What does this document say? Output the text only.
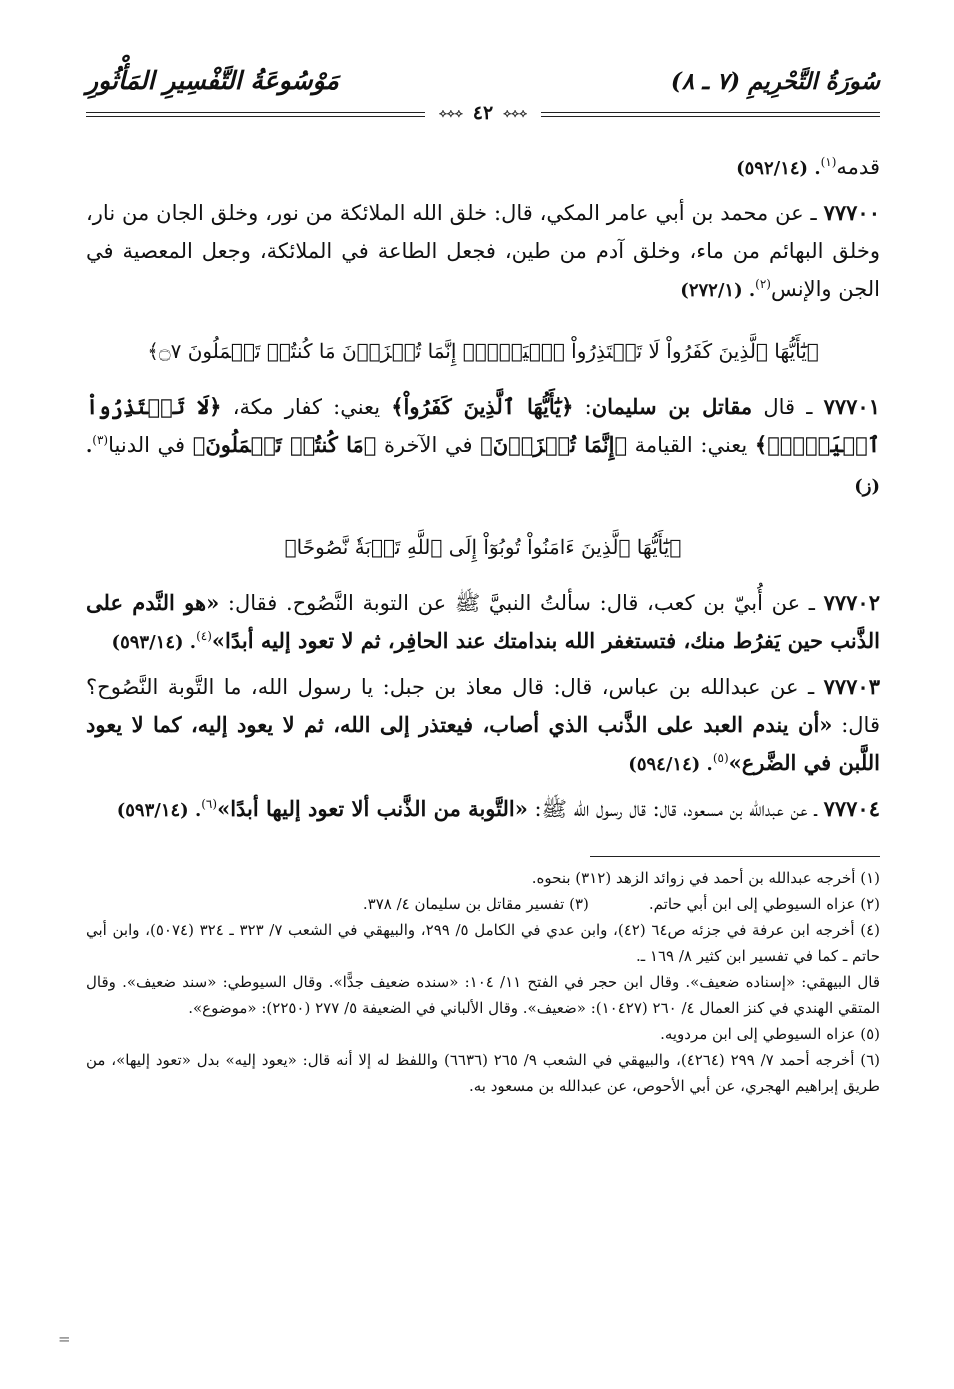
سُورَةُ التَّحْرِيمِ (٧ ـ ٨)
مَوْسُوعَةُ التَّفْسِيرِ المَأْثُورِ
⟡⟡⟡
٤٢
⟡⟡⟡

قدمه$^{(١)}$. (٥٩٢/١٤)

٧٧٧٠٠ ـ عن محمد بن أبي عامر المكي، قال: خلق الله الملائكة من نور، وخلق الجان من نار، وخلق البهائم من ماء، وخلق آدم من طين، فجعل الطاعة في الملائكة، وجعل المعصية في الجن والإنس$^{(٢)}$. (٢٧٢/١)

﴿يَٰٓأَيُّهَا ٱلَّذِينَ كَفَرُواْ لَا تَعۡتَذِرُواْ ٱلۡيَوۡمَۖ إِنَّمَا تُجۡزَوۡنَ مَا كُنتُمۡ تَعۡمَلُونَ ۝٧﴾

٧٧٧٠١ ـ قال مقاتل بن سليمان: ﴿يَٰٓأَيُّهَا ٱلَّذِينَ كَفَرُواْ﴾ يعني: كفار مكة، ﴿لَا تَعۡتَذِرُواْ ٱلۡيَوۡمَۖ﴾ يعني: القيامة ﴿إِنَّمَا تُجۡزَوۡنَ﴾ في الآخرة ﴿مَا كُنتُمۡ تَعۡمَلُونَ﴾ في الدنيا$^{(٣)}$. (ز)

﴿يَٰٓأَيُّهَا ٱلَّذِينَ ءَامَنُواْ تُوبُوٓاْ إِلَى ٱللَّهِ تَوۡبَةٗ نَّصُوحًا﴾

٧٧٧٠٢ ـ عن أُبيّ بن كعب، قال: سألتُ النبيَّ ﷺ عن التوبة النَّصُوح. فقال: «هو النَّدم على الذَّنب حين يَفرُط منك، فتستغفر الله بندامتك عند الحافِر، ثم لا تعود إليه أبدًا»$^{(٤)}$. (٥٩٣/١٤)

٧٧٧٠٣ ـ عن عبدالله بن عباس، قال: قال معاذ بن جبل: يا رسول الله، ما التَّوبة النَّصُوح؟ قال: «أن يندم العبد على الذَّنب الذي أصاب، فيعتذر إلى الله، ثم لا يعود إليه، كما لا يعود اللَّبن في الضَّرع»$^{(٥)}$. (٥٩٤/١٤)

٧٧٧٠٤ ـ عن عبدالله بن مسعود، قال: قال رسول الله ﷺ: «التَّوبة من الذَّنب ألا تعود إليها أبدًا»$^{(٦)}$. (٥٩٣/١٤)

(١) أخرجه عبدالله بن أحمد في زوائد الزهد (٣١٢) بنحوه.

(٢) عزاه السيوطي إلى ابن أبي حاتم.
(٣) تفسير مقاتل بن سليمان ٤/ ٣٧٨.

(٤) أخرجه ابن عرفة في جزئه ص٦٤ (٤٢)، وابن عدي في الكامل ٥/ ٢٩٩، والبيهقي في الشعب ٧/ ٣٢٣ ـ ٣٢٤ (٥٠٧٤)، وابن أبي حاتم ـ كما في تفسير ابن كثير ٨/ ١٦٩ ـ.

قال البيهقي: «إسناده ضعيف». وقال ابن حجر في الفتح ١١/ ١٠٤: «سنده ضعيف جدًّا». وقال السيوطي: «سند ضعيف». وقال المتقي الهندي في كنز العمال ٤/ ٢٦٠ (١٠٤٢٧): «ضعيف». وقال الألباني في الضعيفة ٥/ ٢٧٧ (٢٢٥٠): «موضوع».

(٥) عزاه السيوطي إلى ابن مردويه.

(٦) أخرجه أحمد ٧/ ٢٩٩ (٤٢٦٤)، والبيهقي في الشعب ٩/ ٢٦٥ (٦٦٣٦) واللفظ له إلا أنه قال: «يعود إليه» بدل «تعود إليها»، من طريق إبراهيم الهجري، عن أبي الأحوص، عن عبدالله بن مسعود به.

=
